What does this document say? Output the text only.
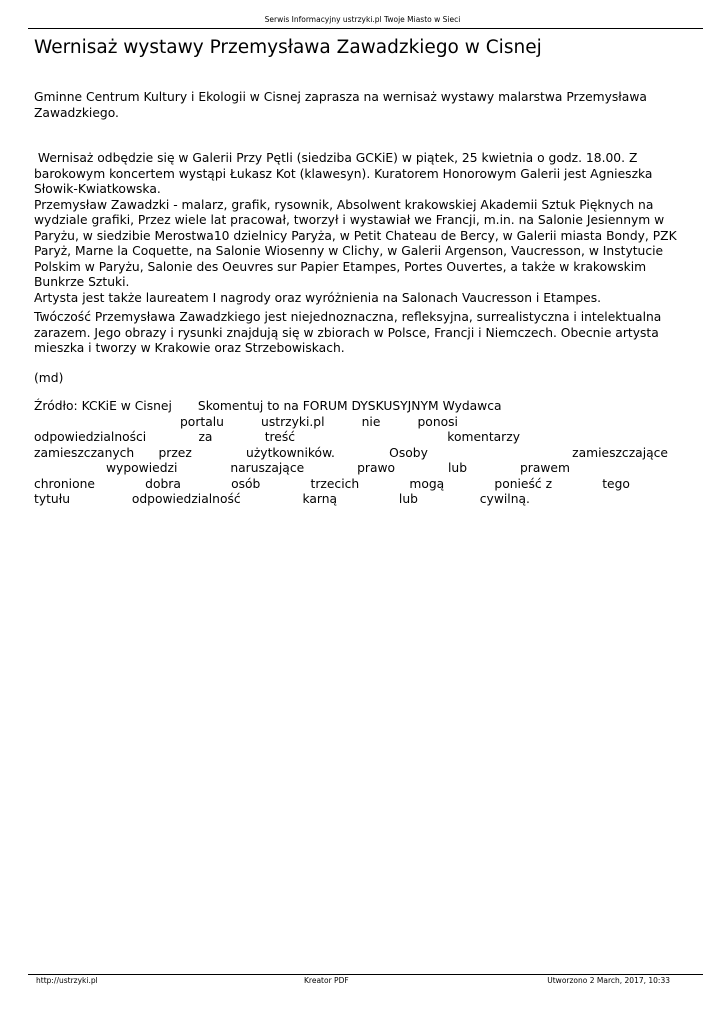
Serwis Informacyjny ustrzyki.pl Twoje Miasto w Sieci
Wernisaż wystawy Przemysława Zawadzkiego w Cisnej

Gminne Centrum Kultury i Ekologii w Cisnej zaprasza na wernisaż wystawy malarstwa Przemysława Zawadzkiego.

Wernisaż odbędzie się w Galerii Przy Pętli (siedziba GCKiE) w piątek, 25 kwietnia o godz. 18.00. Z
barokowym koncertem wystąpi Łukasz Kot (klawesyn). Kuratorem Honorowym Galerii jest Agnieszka
Słowik-Kwiatkowska.
Przemysław Zawadzki - malarz, grafik, rysownik, Absolwent krakowskiej Akademii Sztuk Pięknych na
wydziale grafiki, Przez wiele lat pracował, tworzył i wystawiał we Francji, m.in. na Salonie Jesiennym w
Paryżu, w siedzibie Merostwa10 dzielnicy Paryża, w Petit Chateau de Bercy, w Galerii miasta Bondy, PZK
Paryż, Marne la Coquette, na Salonie Wiosenny w Clichy, w Galerii Argenson, Vaucresson, w Instytucie
Polskim w Paryżu, Salonie des Oeuvres sur Papier Etampes, Portes Ouvertes, a także w krakowskim
Bunkrze Sztuki.
Artysta jest także laureatem I nagrody oraz wyróżnienia na Salonach Vaucresson i Etampes.

Twóczość Przemysława Zawadzkiego jest niejednoznaczna, refleksyjna, surrealistyczna i intelektualna
zarazem. Jego obrazy i rysunki znajdują się w zbiorach w Polsce, Francji i Niemczech. Obecnie artysta
mieszka i tworzy w Krakowie oraz Strzebowiskach.

(md)

Źródło: KCKiE w Cisnej Skomentuj to na FORUM DYSKUSYJNYM Wydawca
portalu	ustrzyki.pl	nie	ponosi
odpowiedzialności	za	treść	komentarzy
zamieszczanych przez	użytkowników.	Osoby	zamieszczające
wypowiedzi	naruszające	prawo	lub	prawem
chronione	dobra	osób	trzecich	mogą	ponieść z	tego
tytułu	odpowiedzialność	karną	lub	cywilną.
http://ustrzyki.pl	Kreator PDF	Utworzono 2 March, 2017, 10:33
